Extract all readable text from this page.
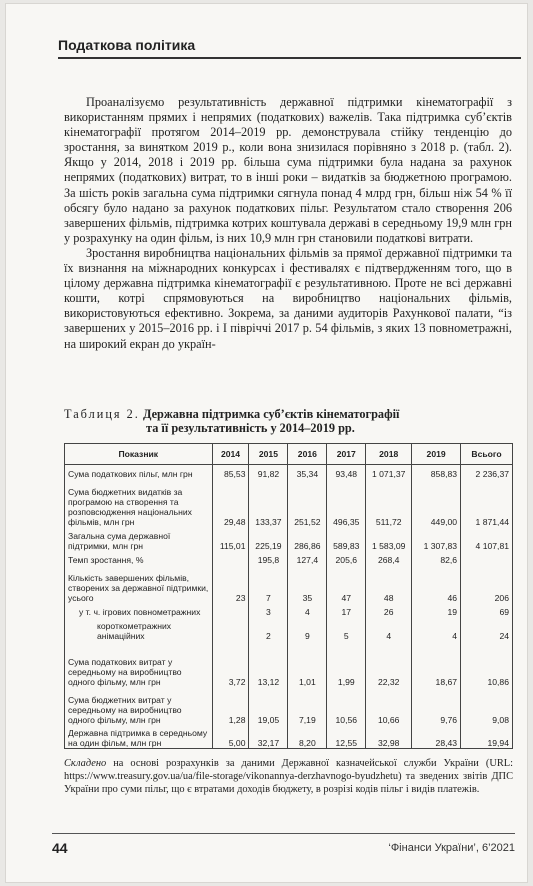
Податкова політика

Проаналізуємо результативність державної підтримки кінематографії з використанням прямих і непрямих (податкових) важелів. Така підтримка суб’єктів кінематографії протягом 2014–2019 рр. демонструвала стійку тенденцію до зростання, за винятком 2019 р., коли вона знизилася порівняно з 2018 р. (табл. 2). Якщо у 2014, 2018 і 2019 рр. більша сума підтримки була надана за рахунок непрямих (податкових) витрат, то в інші роки – видатків за бюджетною програмою. За шість років загальна сума підтримки сягнула понад 4 млрд грн, більш ніж 54 % її обсягу було надано за рахунок податкових пільг. Результатом стало створення 206 завершених фільмів, підтримка котрих коштувала державі в середньому 19,9 млн грн у розрахунку на один фільм, із них 10,9 млн грн становили податкові витрати.

Зростання виробництва національних фільмів за прямої державної підтримки та їх визнання на міжнародних конкурсах і фестивалях є підтвердженням того, що в цілому державна підтримка кінематографії є результативною. Проте не всі державні кошти, котрі спрямовуються на виробництво національних фільмів, використовуються ефективно. Зокрема, за даними аудиторів Рахункової палати, “із завершених у 2015–2016 рр. і I півріччі 2017 р. 54 фільмів, з яких 13 повнометражні, на широкий екран до україн-

Таблиця 2. Державна підтримка суб’єктів кінематографії
та її результативність у 2014–2019 рр.
Показник	2014	2015	2016	2017	2018	2019	Всього
Сума податкових пільг, млн грн	85,53	91,82	35,34	93,48	1 071,37	858,83	2 236,37
Сума бюджетних видатків за програмою на створення та розповсюдження національних фільмів, млн грн	29,48	133,37	251,52	496,35	511,72	449,00	1 871,44
Загальна сума державної підтримки, млн грн	115,01	225,19	286,86	589,83	1 583,09	1 307,83	4 107,81
Темп зростання, %		195,8	127,4	205,6	268,4	82,6	
Кількість завершених фільмів, створених за державної підтримки, усього	23	7	35	47	48	46	206
у т. ч. ігрових повнометражних		3	4	17	26	19	69
короткометражних анімаційних		2	9	5	4	4	24
Сума податкових витрат у середньому на виробництво одного фільму, млн грн	3,72	13,12	1,01	1,99	22,32	18,67	10,86
Сума бюджетних витрат у середньому на виробництво одного фільму, млн грн	1,28	19,05	7,19	10,56	10,66	9,76	9,08
Державна підтримка в середньому на один фільм, млн грн	5,00	32,17	8,20	12,55	32,98	28,43	19,94
Складено на основі розрахунків за даними Державної казначейської служби України (URL: https://www.treasury.gov.ua/ua/file-storage/vikonannya-derzhavnogo-byudzhetu) та зведених звітів ДПС України про суми пільг, що є втратами доходів бюджету, в розрізі кодів пільг і видів платежів.
44	‘Фінанси України’, 6’2021
